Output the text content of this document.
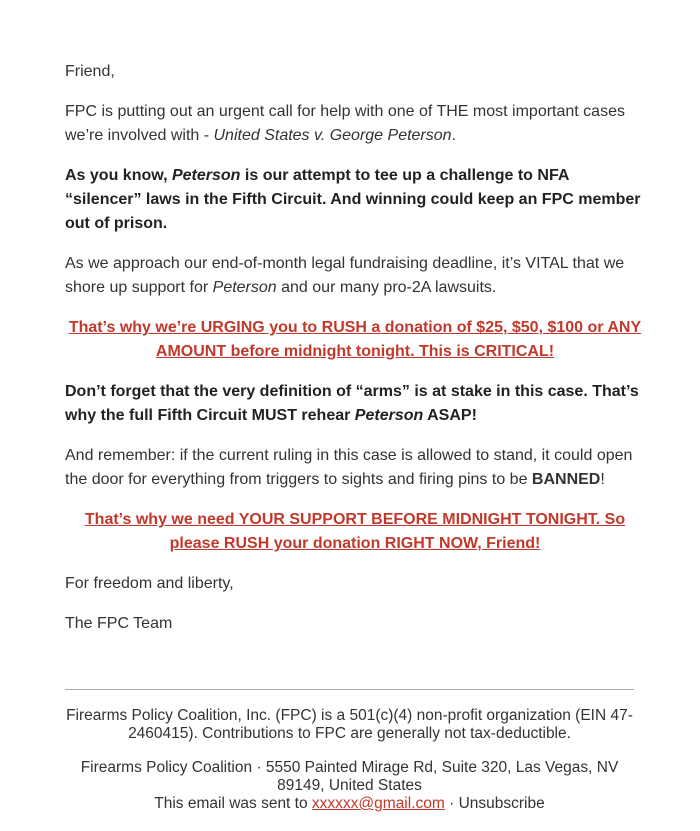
Friend,

FPC is putting out an urgent call for help with one of THE most important cases we’re involved with - United States v. George Peterson.

As you know, Peterson is our attempt to tee up a challenge to NFA “silencer” laws in the Fifth Circuit. And winning could keep an FPC member out of prison.

As we approach our end-of-month legal fundraising deadline, it’s VITAL that we shore up support for Peterson and our many pro-2A lawsuits.

That’s why we’re URGING you to RUSH a donation of $25, $50, $100 or ANY AMOUNT before midnight tonight. This is CRITICAL!

Don’t forget that the very definition of “arms” is at stake in this case. That’s why the full Fifth Circuit MUST rehear Peterson ASAP!

And remember: if the current ruling in this case is allowed to stand, it could open the door for everything from triggers to sights and firing pins to be BANNED!

That’s why we need YOUR SUPPORT BEFORE MIDNIGHT TONIGHT. So please RUSH your donation RIGHT NOW, Friend!

For freedom and liberty,

The FPC Team

Firearms Policy Coalition, Inc. (FPC) is a 501(c)(4) non-profit organization (EIN 47-2460415). Contributions to FPC are generally not tax-deductible.

Firearms Policy Coalition · 5550 Painted Mirage Rd, Suite 320, Las Vegas, NV 89149, United States

This email was sent to xxxxxx@gmail.com · Unsubscribe
